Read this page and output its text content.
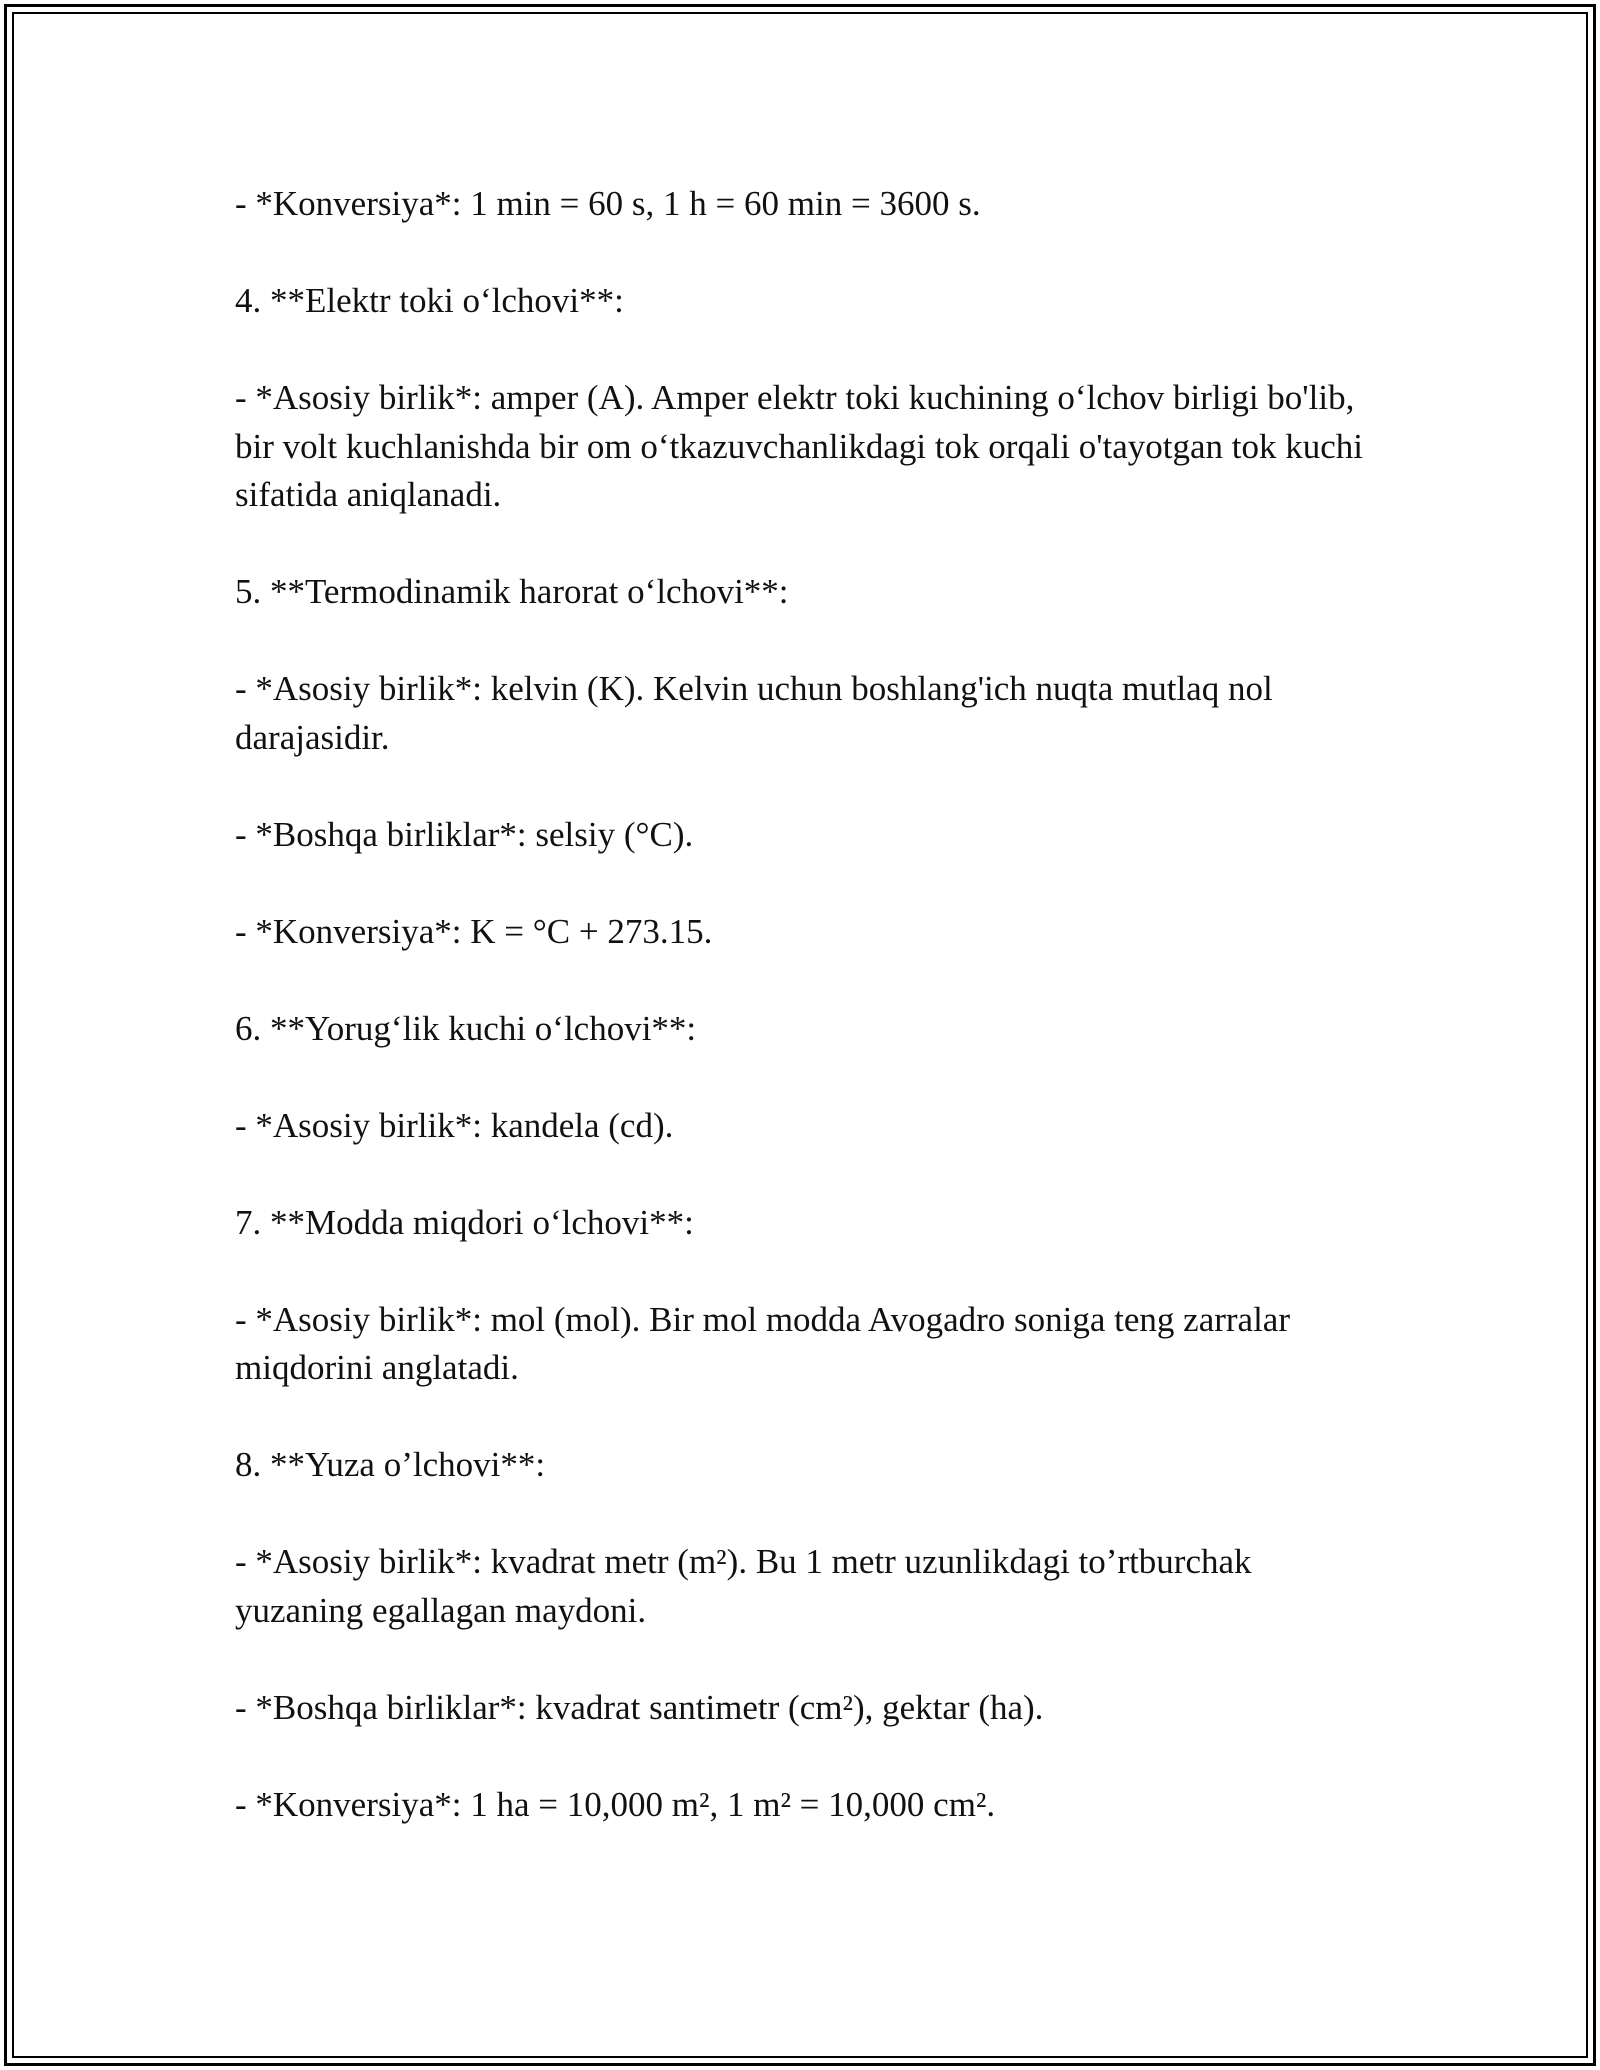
- *Konversiya*: 1 min = 60 s, 1 h = 60 min = 3600 s.

4. **Elektr toki o‘lchovi**:

- *Asosiy birlik*: amper (A). Amper elektr toki kuchining o‘lchov birligi bo'lib, bir volt kuchlanishda bir om o‘tkazuvchanlikdagi tok orqali o'tayotgan tok kuchi sifatida aniqlanadi.

5. **Termodinamik harorat o‘lchovi**:

- *Asosiy birlik*: kelvin (K). Kelvin uchun boshlang'ich nuqta mutlaq nol darajasidir.

- *Boshqa birliklar*: selsiy (°C).

- *Konversiya*: K = °C + 273.15.

6. **Yorug‘lik kuchi o‘lchovi**:

- *Asosiy birlik*: kandela (cd).

7. **Modda miqdori o‘lchovi**:

- *Asosiy birlik*: mol (mol). Bir mol modda Avogadro soniga teng zarralar miqdorini anglatadi.

8. **Yuza o’lchovi**:

- *Asosiy birlik*: kvadrat metr (m²). Bu 1 metr uzunlikdagi to’rtburchak yuzaning egallagan maydoni.

- *Boshqa birliklar*: kvadrat santimetr (cm²), gektar (ha).

- *Konversiya*: 1 ha = 10,000 m², 1 m² = 10,000 cm².
